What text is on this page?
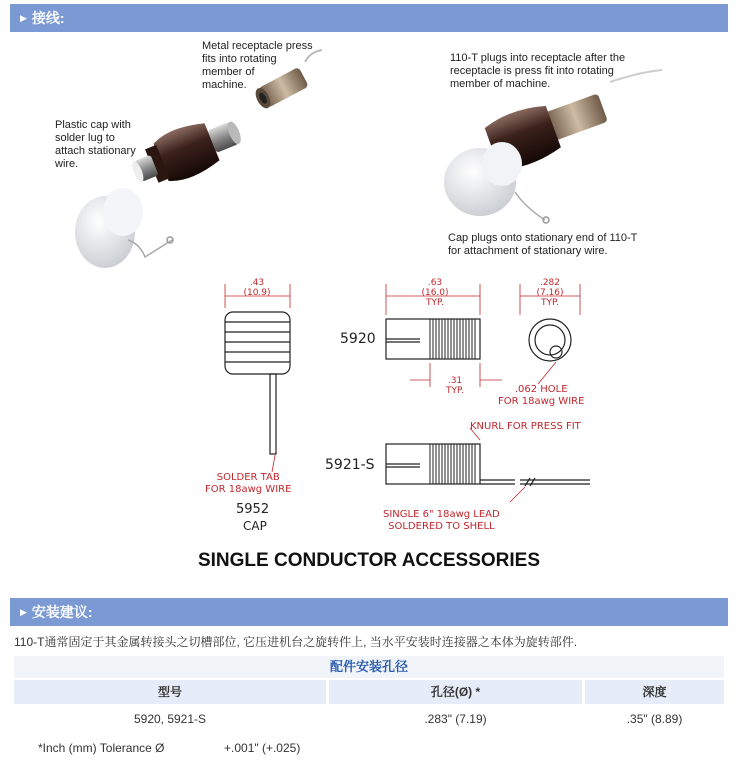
▶ 接线:
Metal receptacle press
fits into rotating
member of
machine.
Plastic cap with
solder lug to
attach stationary
wire.
110-T plugs into receptacle after the
receptacle is press fit into rotating
member of machine.
Cap plugs onto stationary end of 110-T
for attachment of stationary wire.
.43
(10.9)
.63
(16.0)
TYP.
.282
(7.16)
TYP.
.31
TYP.
5920
5921-S
5952
CAP
SOLDER TAB
FOR 18awg WIRE
.062 HOLE
FOR 18awg WIRE
KNURL FOR PRESS FIT
SINGLE 6" 18awg LEAD
SOLDERED TO SHELL
SINGLE CONDUCTOR ACCESSORIES
▶ 安装建议:
110-T通常固定于其金属转接头之切槽部位, 它压进机台之旋转件上, 当水平安装时连接器之本体为旋转部件.
配件安装孔径
型号	孔径(Ø) *	深度
5920, 5921-S	.283" (7.19)	.35" (8.89)
*Inch (mm) Tolerance Ø	+.001" (+.025)
